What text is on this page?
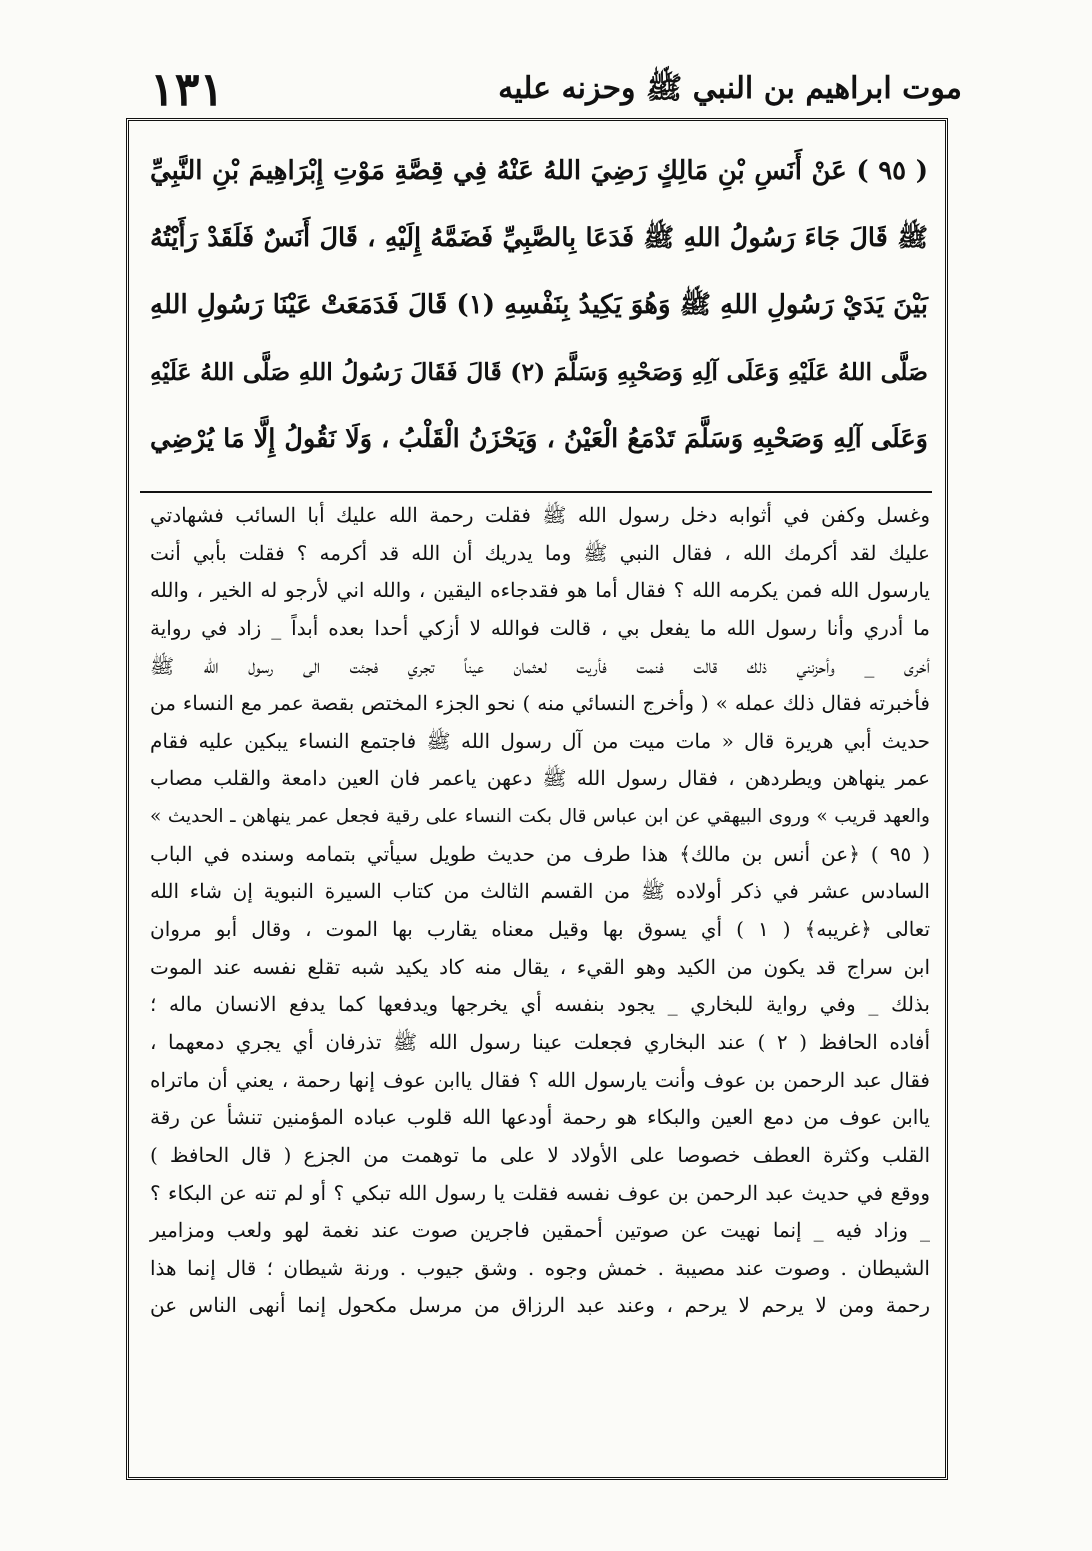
موت ابراهيم بن النبي ﷺ وحزنه عليه
١٣١

( ٩٥ ) عَنْ أَنَسِ بْنِ مَالِكٍ رَضِيَ اللهُ عَنْهُ فِي قِصَّةِ مَوْتِ إِبْرَاهِيمَ بْنِ النَّبِيِّ

ﷺ قَالَ جَاءَ رَسُولُ اللهِ ﷺ فَدَعَا بِالصَّبِيِّ فَضَمَّهُ إِلَيْهِ ، قَالَ أَنَسٌ فَلَقَدْ رَأَيْتُهُ

بَيْنَ يَدَيْ رَسُولِ اللهِ ﷺ وَهُوَ يَكِيدُ بِنَفْسِهِ (١) قَالَ فَدَمَعَتْ عَيْنَا رَسُولِ اللهِ

صَلَّى اللهُ عَلَيْهِ وَعَلَى آلِهِ وَصَحْبِهِ وَسَلَّمَ (٢) قَالَ فَقَالَ رَسُولُ اللهِ صَلَّى اللهُ عَلَيْهِ

وَعَلَى آلِهِ وَصَحْبِهِ وَسَلَّمَ تَدْمَعُ الْعَيْنُ ، وَيَحْزَنُ الْقَلْبُ ، وَلَا نَقُولُ إِلَّا مَا يُرْضِي

وغسل وكفن في أثوابه دخل رسول الله ﷺ فقلت رحمة الله عليك أبا السائب فشهادتي

عليك لقد أكرمك الله ، فقال النبي ﷺ وما يدريك أن الله قد أكرمه ؟ فقلت بأبي أنت

يارسول الله فمن يكرمه الله ؟ فقال أما هو فقدجاءه اليقين ، والله اني لأرجو له الخير ، والله

ما أدري وأنا رسول الله ما يفعل بي ، قالت فوالله لا أزكي أحدا بعده أبداً _ زاد في رواية

أخرى _ وأحزنني ذلك قالت فنمت فأريت لعثمان عيناً تجري فجئت الى رسول الله ﷺ

فأخبرته فقال ذلك عمله » ( وأخرج النسائي منه ) نحو الجزء المختص بقصة عمر مع النساء من

حديث أبي هريرة قال « مات ميت من آل رسول الله ﷺ فاجتمع النساء يبكين عليه فقام

عمر ينهاهن ويطردهن ، فقال رسول الله ﷺ دعهن ياعمر فان العين دامعة والقلب مصاب

والعهد قريب » وروى البيهقي عن ابن عباس قال بكت النساء على رقية فجعل عمر ينهاهن ـ الحديث »

( ٩٥ ) ﴿عن أنس بن مالك﴾ هذا طرف من حديث طويل سيأتي بتمامه وسنده في الباب

السادس عشر في ذكر أولاده ﷺ من القسم الثالث من كتاب السيرة النبوية إن شاء الله

تعالى ﴿غريبه﴾ ( ١ ) أي يسوق بها وقيل معناه يقارب بها الموت ، وقال أبو مروان

ابن سراج قد يكون من الكيد وهو القيء ، يقال منه كاد يكيد شبه تقلع نفسه عند الموت

بذلك _ وفي رواية للبخاري _ يجود بنفسه أي يخرجها ويدفعها كما يدفع الانسان ماله ؛

أفاده الحافظ ( ٢ ) عند البخاري فجعلت عينا رسول الله ﷺ تذرفان أي يجري دمعهما ،

فقال عبد الرحمن بن عوف وأنت يارسول الله ؟ فقال ياابن عوف إنها رحمة ، يعني أن ماتراه

ياابن عوف من دمع العين والبكاء هو رحمة أودعها الله قلوب عباده المؤمنين تنشأ عن رقة

القلب وكثرة العطف خصوصا على الأولاد لا على ما توهمت من الجزع ( قال الحافظ )

ووقع في حديث عبد الرحمن بن عوف نفسه فقلت يا رسول الله تبكي ؟ أو لم تنه عن البكاء ؟

_ وزاد فيه _ إنما نهيت عن صوتين أحمقين فاجرين صوت عند نغمة لهو ولعب ومزامير

الشيطان . وصوت عند مصيبة . خمش وجوه . وشق جيوب . ورنة شيطان ؛ قال إنما هذا

رحمة ومن لا يرحم لا يرحم ، وعند عبد الرزاق من مرسل مكحول إنما أنهى الناس عن
